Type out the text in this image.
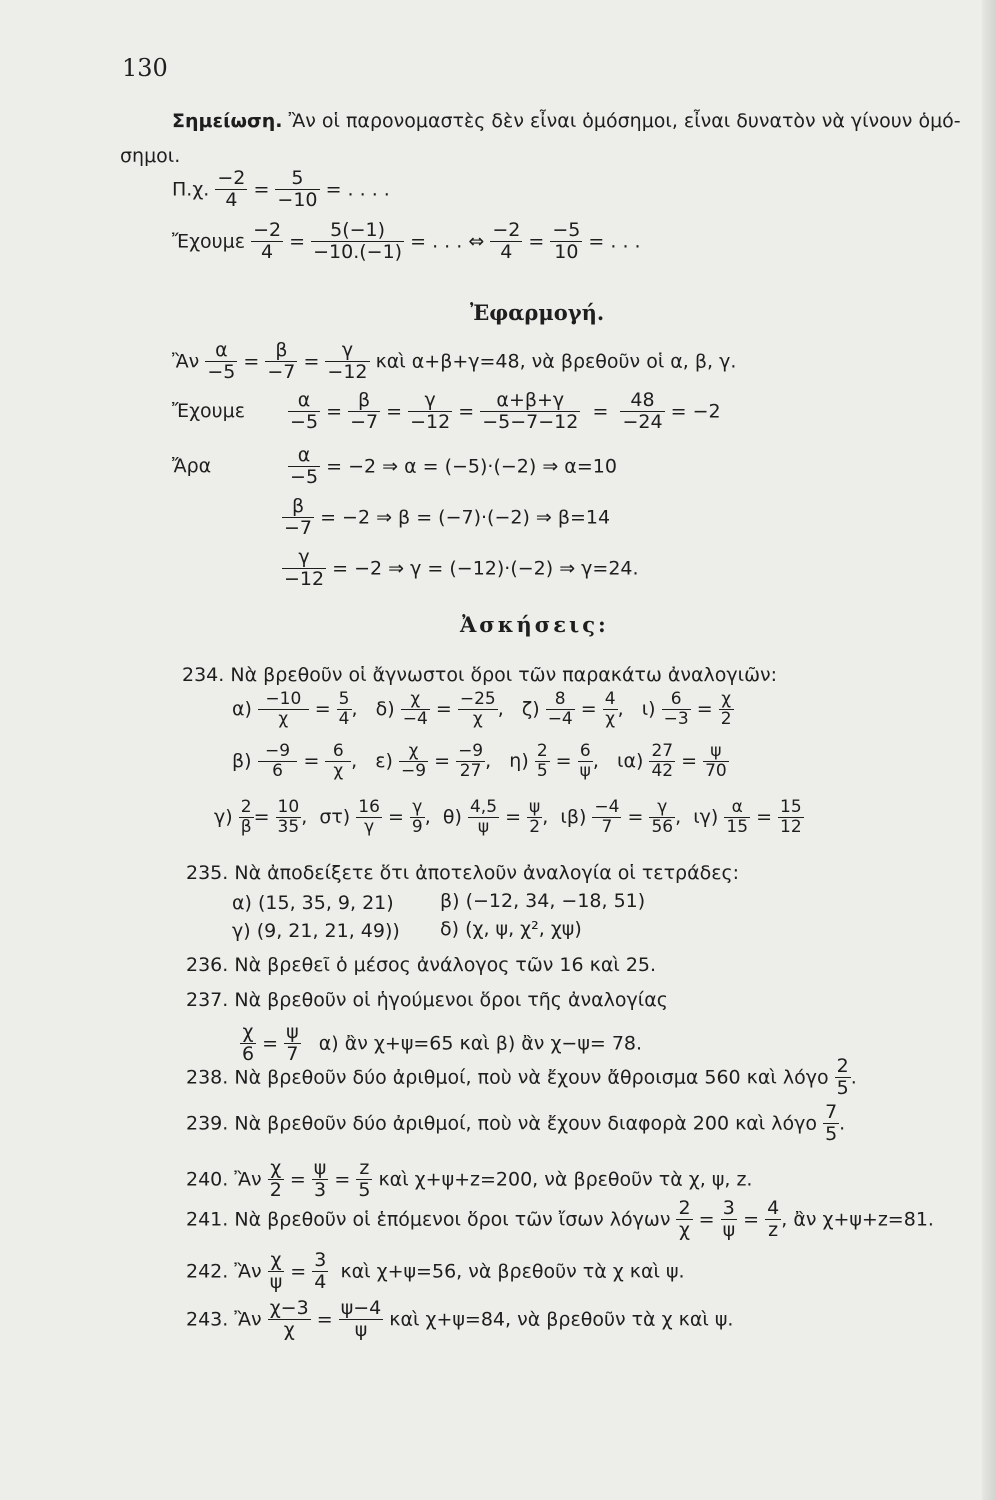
130
Σημείωση. Ἂν οἱ παρονομαστὲς δὲν εἶναι ὁμόσημοι, εἶναι δυνατὸν νὰ γίνουν ὁμό-
σημοι.
Π.χ. $\frac{-2}{4} = \frac{5}{-10}$ = . . . .
Ἔχουμε $\frac{-2}{4} = \frac{5(-1)}{-10.(-1)}$ = . . . ⇔ $\frac{-2}{4} = \frac{-5}{10}$ = . . .
Ἐφαρμογή.
Ἂν $\frac{\alpha}{-5} = \frac{\beta}{-7} = \frac{\gamma}{-12}$ καὶ α+β+γ=48, νὰ βρεθοῦν οἱ α, β, γ.
Ἔχουμε $\frac{\alpha}{-5} = \frac{\beta}{-7} = \frac{\gamma}{-12} = \frac{\alpha+\beta+\gamma}{-5-7-12} = \frac{48}{-24} = -2$
Ἄρα	$\frac{\alpha}{-5} = -2$ ⇒ α = (−5)·(−2) ⇒ α=10
$\frac{\beta}{-7} = -2$ ⇒ β = (−7)·(−2) ⇒ β=14
$\frac{\gamma}{-12} = -2$ ⇒ γ = (−12)·(−2) ⇒ γ=24.
Ἀσκήσεις:
234. Νὰ βρεθοῦν οἱ ἄγνωστοι ὅροι τῶν παρακάτω ἀναλογιῶν:
$\alpha) \frac{-10}{\chi} = \frac{5}{4}$ ,   $\delta) \frac{\chi}{-4} = \frac{-25}{\chi}$ ,   $\zeta) \frac{8}{-4} = \frac{4}{\chi}$ ,   $\iota) \frac{6}{-3} = \frac{\chi}{2}$
$\beta) \frac{-9}{6} = \frac{6}{\chi}$ ,   $\varepsilon) \frac{\chi}{-9} = \frac{-9}{27}$ ,   $\eta) \frac{2}{5} = \frac{6}{\psi}$ ,   $\iota\alpha) \frac{27}{42} = \frac{\psi}{70}$
$\gamma) \frac{2}{\beta} = \frac{10}{35}$ ,  $\sigma\tau) \frac{16}{\gamma} = \frac{\gamma}{9}$ ,  $\theta) \frac{4,5}{\psi} = \frac{\psi}{2}$ ,  $\iota\beta) \frac{-4}{7} = \frac{\gamma}{56}$ ,  $\iota\gamma) \frac{\alpha}{15} = \frac{15}{12}$
235. Νὰ ἀποδείξετε ὅτι ἀποτελοῦν ἀναλογία οἱ τετράδες:
α) (15, 35, 9, 21) β) (−12, 34, −18, 51)
γ) (9, 21, 21, 49)) δ) (χ, ψ, χ², χψ)
236. Νὰ βρεθεῖ ὁ μέσος ἀνάλογος τῶν 16 καὶ 25.
237. Νὰ βρεθοῦν οἱ ἡγούμενοι ὅροι τῆς ἀναλογίας
$\frac{\chi}{6} = \frac{\psi}{7} \alpha$) ἂν χ+ψ=65 καὶ β) ἂν χ−ψ= 78.
238. Νὰ βρεθοῦν δύο ἀριθμοί, ποὺ νὰ ἔχουν ἄθροισμα 560 καὶ λόγο $\frac{2}{5}$ .
239. Νὰ βρεθοῦν δύο ἀριθμοί, ποὺ νὰ ἔχουν διαφορὰ 200 καὶ λόγο $\frac{7}{5}$ .
240. Ἂν $\frac{\chi}{2} = \frac{\psi}{3} = \frac{z}{5}$ καὶ χ+ψ+z=200, νὰ βρεθοῦν τὰ χ, ψ, z.
241. Νὰ βρεθοῦν οἱ ἑπόμενοι ὅροι τῶν ἴσων λόγων $\frac{2}{\chi} = \frac{3}{\psi} = \frac{4}{z}$ , ἂν χ+ψ+z=81.
242. Ἂν $\frac{\chi}{\psi} = \frac{3}{4}$ καὶ χ+ψ=56, νὰ βρεθοῦν τὰ χ καὶ ψ.
243. Ἂν $\frac{\chi-3}{\chi} = \frac{\psi-4}{\psi}$ καὶ χ+ψ=84, νὰ βρεθοῦν τὰ χ καὶ ψ.
